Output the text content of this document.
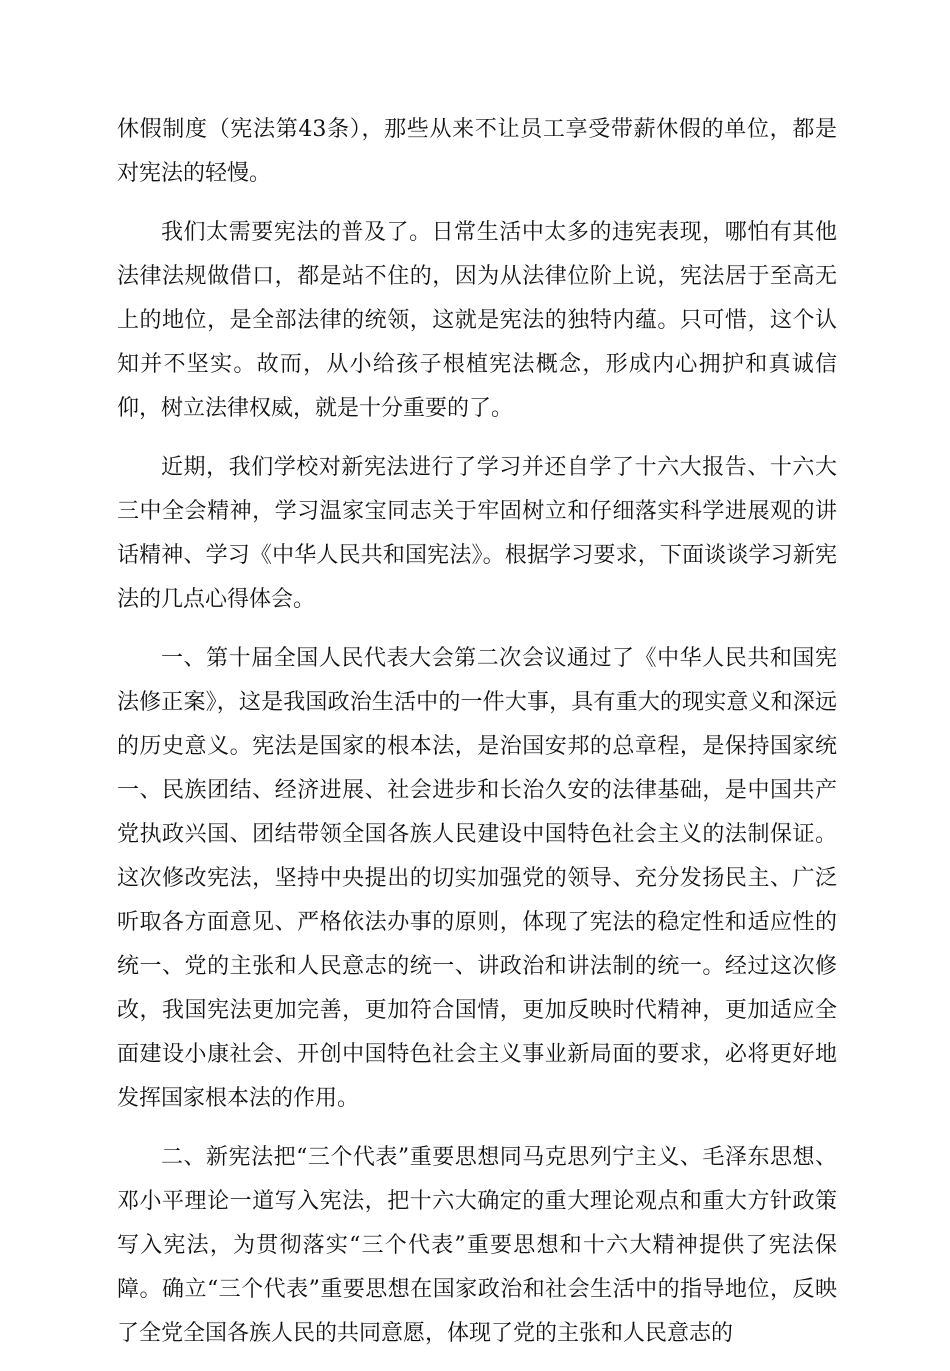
休假制度（宪法第43条），那些从来不让员工享受带薪休假的单位，都是对宪法的轻慢。

我们太需要宪法的普及了。日常生活中太多的违宪表现，哪怕有其他法律法规做借口，都是站不住的，因为从法律位阶上说，宪法居于至高无上的地位，是全部法律的统领，这就是宪法的独特内蕴。只可惜，这个认知并不坚实。故而，从小给孩子根植宪法概念，形成内心拥护和真诚信仰，树立法律权威，就是十分重要的了。

近期，我们学校对新宪法进行了学习并还自学了十六大报告、十六大三中全会精神，学习温家宝同志关于牢固树立和仔细落实科学进展观的讲话精神、学习《中华人民共和国宪法》。根据学习要求，下面谈谈学习新宪法的几点心得体会。

一、第十届全国人民代表大会第二次会议通过了《中华人民共和国宪法修正案》，这是我国政治生活中的一件大事，具有重大的现实意义和深远的历史意义。宪法是国家的根本法，是治国安邦的总章程，是保持国家统一、民族团结、经济进展、社会进步和长治久安的法律基础，是中国共产党执政兴国、团结带领全国各族人民建设中国特色社会主义的法制保证。这次修改宪法，坚持中央提出的切实加强党的领导、充分发扬民主、广泛听取各方面意见、严格依法办事的原则，体现了宪法的稳定性和适应性的统一、党的主张和人民意志的统一、讲政治和讲法制的统一。经过这次修改，我国宪法更加完善，更加符合国情，更加反映时代精神，更加适应全面建设小康社会、开创中国特色社会主义事业新局面的要求，必将更好地发挥国家根本法的作用。

二、新宪法把“三个代表”重要思想同马克思列宁主义、毛泽东思想、邓小平理论一道写入宪法，把十六大确定的重大理论观点和重大方针政策写入宪法，为贯彻落实“三个代表”重要思想和十六大精神提供了宪法保障。确立“三个代表”重要思想在国家政治和社会生活中的指导地位，反映了全党全国各族人民的共同意愿，体现了党的主张和人民意志的
